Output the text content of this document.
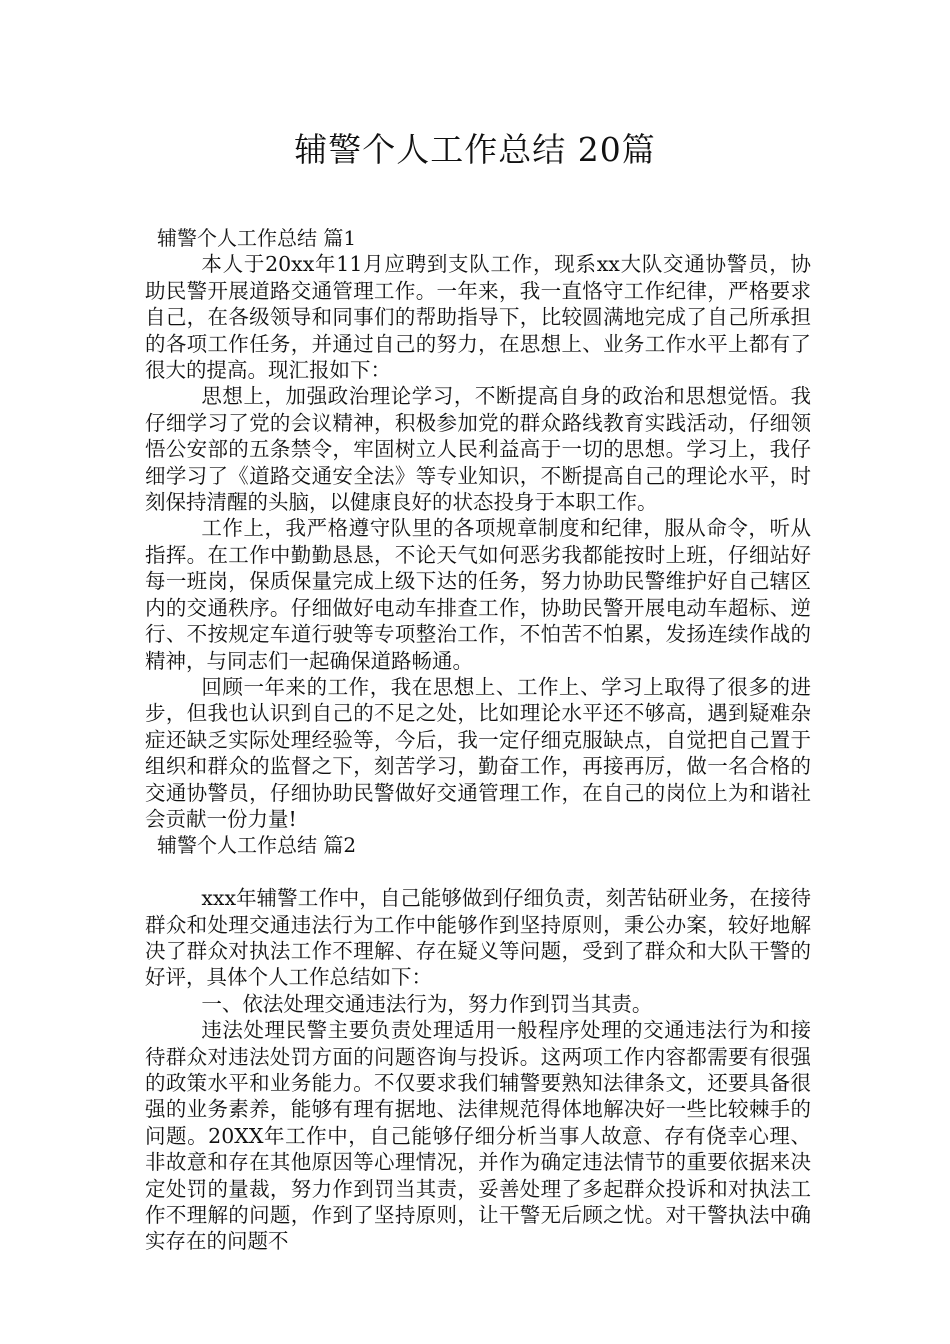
辅警个人工作总结 20篇
辅警个人工作总结 篇1

本人于20xx年11月应聘到支队工作，现系xx大队交通协警员，协助民警开展道路交通管理工作。一年来，我一直恪守工作纪律，严格要求自己，在各级领导和同事们的帮助指导下，比较圆满地完成了自己所承担的各项工作任务，并通过自己的努力，在思想上、业务工作水平上都有了很大的提高。现汇报如下：

思想上，加强政治理论学习，不断提高自身的政治和思想觉悟。我仔细学习了党的会议精神，积极参加党的群众路线教育实践活动，仔细领悟公安部的五条禁令，牢固树立人民利益高于一切的思想。学习上，我仔细学习了《道路交通安全法》等专业知识，不断提高自己的理论水平，时刻保持清醒的头脑，以健康良好的状态投身于本职工作。

工作上，我严格遵守队里的各项规章制度和纪律，服从命令，听从指挥。在工作中勤勤恳恳，不论天气如何恶劣我都能按时上班，仔细站好每一班岗，保质保量完成上级下达的任务，努力协助民警维护好自己辖区内的交通秩序。仔细做好电动车排查工作，协助民警开展电动车超标、逆行、不按规定车道行驶等专项整治工作，不怕苦不怕累，发扬连续作战的精神，与同志们一起确保道路畅通。

回顾一年来的工作，我在思想上、工作上、学习上取得了很多的进步，但我也认识到自己的不足之处，比如理论水平还不够高，遇到疑难杂症还缺乏实际处理经验等，今后，我一定仔细克服缺点，自觉把自己置于组织和群众的监督之下，刻苦学习，勤奋工作，再接再厉，做一名合格的交通协警员，仔细协助民警做好交通管理工作，在自己的岗位上为和谐社会贡献一份力量!

辅警个人工作总结 篇2

xxx年辅警工作中，自己能够做到仔细负责，刻苦钻研业务，在接待群众和处理交通违法行为工作中能够作到坚持原则，秉公办案，较好地解决了群众对执法工作不理解、存在疑义等问题，受到了群众和大队干警的好评，具体个人工作总结如下：

一、依法处理交通违法行为，努力作到罚当其责。

违法处理民警主要负责处理适用一般程序处理的交通违法行为和接待群众对违法处罚方面的问题咨询与投诉。这两项工作内容都需要有很强的政策水平和业务能力。不仅要求我们辅警要熟知法律条文，还要具备很强的业务素养，能够有理有据地、法律规范得体地解决好一些比较棘手的问题。20XX年工作中，自己能够仔细分析当事人故意、存有侥幸心理、非故意和存在其他原因等心理情况，并作为确定违法情节的重要依据来决定处罚的量裁，努力作到罚当其责，妥善处理了多起群众投诉和对执法工作不理解的问题，作到了坚持原则，让干警无后顾之忧。对干警执法中确实存在的问题不
